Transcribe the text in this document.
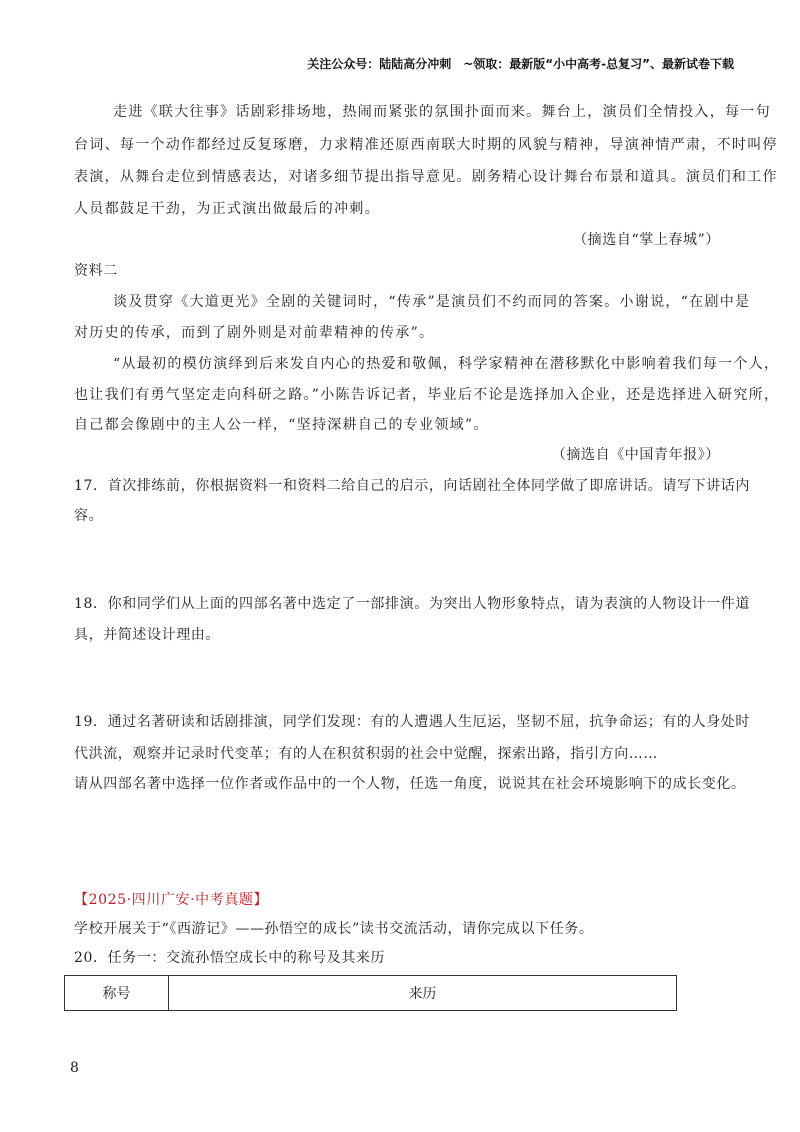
关注公众号：陆陆高分冲刺　~领取：最新版“小中高考-总复习”、最新试卷下载
走进《联大往事》话剧彩排场地，热闹而紧张的氛围扑面而来。舞台上，演员们全情投入，每一句
台词、每一个动作都经过反复琢磨，力求精准还原西南联大时期的风貌与精神，导演神情严肃，不时叫停
表演，从舞台走位到情感表达，对诸多细节提出指导意见。剧务精心设计舞台布景和道具。演员们和工作
人员都鼓足干劲，为正式演出做最后的冲刺。
（摘选自“掌上春城”）
资料二
谈及贯穿《大道更光》全剧的关键词时，“传承”是演员们不约而同的答案。小谢说，“在剧中是
对历史的传承，而到了剧外则是对前辈精神的传承”。
“从最初的模仿演绎到后来发自内心的热爱和敬佩，科学家精神在潜移默化中影响着我们每一个人，
也让我们有勇气坚定走向科研之路。”小陈告诉记者，毕业后不论是选择加入企业，还是选择进入研究所，
自己都会像剧中的主人公一样，“坚持深耕自己的专业领域”。
（摘选自《中国青年报》）
17．首次排练前，你根据资料一和资料二给自己的启示，向话剧社全体同学做了即席讲话。请写下讲话内
容。
18．你和同学们从上面的四部名著中选定了一部排演。为突出人物形象特点，请为表演的人物设计一件道
具，并简述设计理由。
19．通过名著研读和话剧排演，同学们发现：有的人遭遇人生厄运，坚韧不屈，抗争命运；有的人身处时
代洪流，观察并记录时代变革；有的人在积贫积弱的社会中觉醒，探索出路，指引方向……
请从四部名著中选择一位作者或作品中的一个人物，任选一角度，说说其在社会环境影响下的成长变化。
【2025·四川广安·中考真题】
学校开展关于“《西游记》——孙悟空的成长”读书交流活动，请你完成以下任务。
20．任务一：交流孙悟空成长中的称号及其来历
称号	来历
8
